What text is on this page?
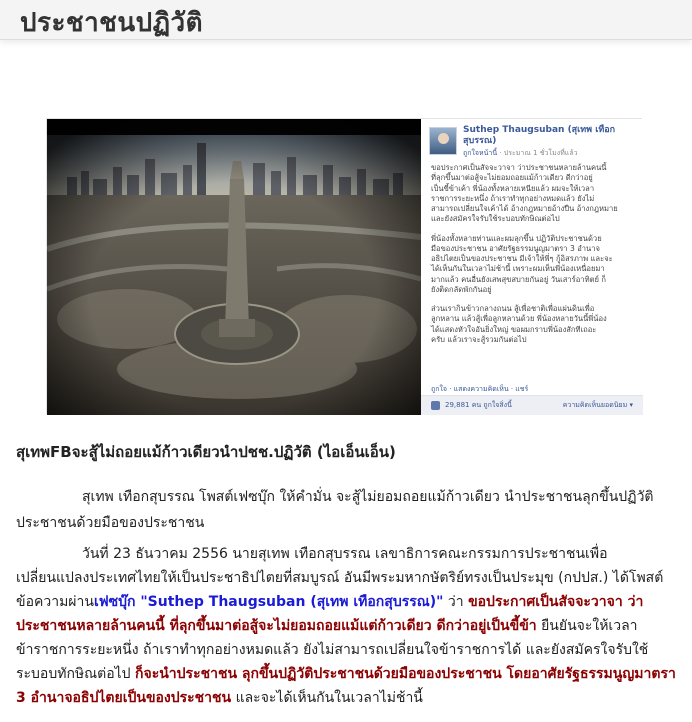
ประชาชนปฏิวัติ
Suthep Thaugsuban (สุเทพ เทือกสุบรรณ)
ถูกใจหน้านี้ · ประมาณ 1 ชั่วโมงที่แล้ว
ขอประกาศเป็นสัจจะวาจา ว่าประชาชนหลายล้านคนนี้
ที่ลุกขึ้นมาต่อสู้จะไม่ยอมถอยแม้ก้าวเดียว ดีกว่าอยู่
เป็นขี้ข้าเค้า พี่น้องทั้งหลายเหนียแล้ว ผมจะให้เวลา
ราชการระยะหนึ่ง ถ้าเราทำทุกอย่างหมดแล้ว ยังไม่
สามารถเปลี่ยนใจเค้าได้ อ้างกฎหมายอ้างปืน อ้างกฎหมาย
และยังสมัครใจรับใช้ระบอบทักษิณต่อไป
พี่น้องทั้งหลายท่านและผมลุกขึ้น ปฏิวัติประชาชนด้วย
มือของประชาชน อาศัยรัฐธรรมนูญมาตรา 3 อำนาจ
อธิปไตยเป็นของประชาชน มีเจ้าให้พี่ๆ กู้อิสรภาพ และจะ
ได้เห็นกันในเวลาไม่ช้านี้ เพราะผมเห็นพี่น้องเหนื่อยมา
มากแล้ว คนอื่นยังเสพสุขสบายกันอยู่ วันเสาร์อาทิตย์ ก็
ยังติดกลัดพักกันอยู่
ส่วนเรากินข้าวกลางถนน สู้เพื่อชาติเพื่อแผ่นดินเพื่อ
ลูกหลาน แล้วสู้เพื่อลูกหลานด้วย พี่น้องหลายวันนี้พี่น้อง
ได้แสดงหัวใจอันยิ่งใหญ่ ขอผมกราบพี่น้องสักทีเถอะ
ครับ แล้วเราจะสู้รวมกันต่อไป
ถูกใจ · แสดงความคิดเห็น · แชร์
29,881 คน ถูกใจสิ่งนี้	ความคิดเห็นยอดนิยม ▾
สุเทพFBจะสู้ไม่ถอยแม้ก้าวเดียวนำปชช.ปฏิวัติ (ไอเอ็นเอ็น)

สุเทพ เทือกสุบรรณ โพสต์เฟซบุ๊ก ให้คำมั่น จะสู้ไม่ยอมถอยแม้ก้าวเดียว นำประชาชนลุกขึ้นปฏิวัติประชาชนด้วยมือของประชาชน

วันที่ 23 ธันวาคม 2556 นายสุเทพ เทือกสุบรรณ เลขาธิการคณะกรรมการประชาชนเพื่อเปลี่ยนแปลงประเทศไทยให้เป็นประชาธิปไตยที่สมบูรณ์ อันมีพระมหากษัตริย์ทรงเป็นประมุข (กปปส.) ได้โพสต์ข้อความผ่านเฟซบุ๊ก "Suthep Thaugsuban (สุเทพ เทือกสุบรรณ)" ว่า ขอประกาศเป็นสัจจะวาจา ว่าประชาชนหลายล้านคนนี้ ที่ลุกขึ้นมาต่อสู้จะไม่ยอมถอยแม้แต่ก้าวเดียว ดีกว่าอยู่เป็นขี้ข้า ยืนยันจะให้เวลาข้าราชการระยะหนึ่ง ถ้าเราทำทุกอย่างหมดแล้ว ยังไม่สามารถเปลี่ยนใจข้าราชการได้ และยังสมัครใจรับใช้ระบอบทักษิณต่อไป ก็จะนำประชาชน ลุกขึ้นปฏิวัติประชาชนด้วยมือของประชาชน โดยอาศัยรัฐธรรมนูญมาตรา 3 อำนาจอธิปไตยเป็นของประชาชน และจะได้เห็นกันในเวลาไม่ช้านี้
